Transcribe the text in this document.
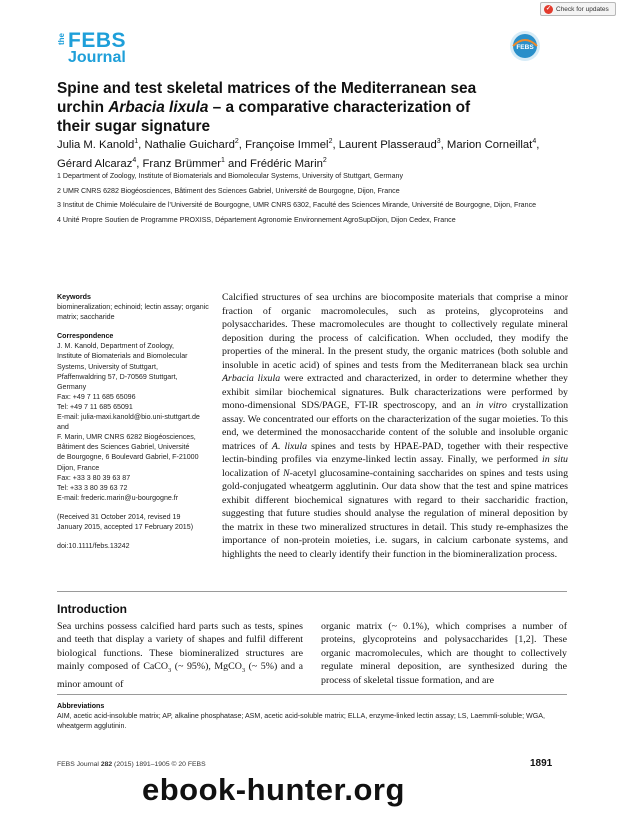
✓ Check for updates
the FEBS
Journal
FEBS
Spine and test skeletal matrices of the Mediterranean sea
urchin Arbacia lixula – a comparative characterization of
their sugar signature
Julia M. Kanold$^1$, Nathalie Guichard$^2$, Françoise Immel$^2$, Laurent Plasseraud$^3$, Marion Corneillat$^4$, Gérard Alcaraz$^4$, Franz Brümmer$^1$ and Frédéric Marin$^2$

1 Department of Zoology, Institute of Biomaterials and Biomolecular Systems, University of Stuttgart, Germany

2 UMR CNRS 6282 Biogéosciences, Bâtiment des Sciences Gabriel, Université de Bourgogne, Dijon, France

3 Institut de Chimie Moléculaire de l’Université de Bourgogne, UMR CNRS 6302, Faculté des Sciences Mirande, Université de Bourgogne, Dijon, France

4 Unité Propre Soutien de Programme PROXISS, Département Agronomie Environnement AgroSupDijon, Dijon Cedex, France

Keywords
biomineralization; echinoid; lectin assay; organic matrix; saccharide
Correspondence
J. M. Kanold, Department of Zoology,
Institute of Biomaterials and Biomolecular
Systems, University of Stuttgart,
Pfaffenwaldring 57, D-70569 Stuttgart,
Germany
Fax: +49 7 11 685 65096
Tel: +49 7 11 685 65091
E-mail: julia-maxi.kanold@bio.uni-stuttgart.de
and
F. Marin, UMR CNRS 6282 Biogéosciences,
Bâtiment des Sciences Gabriel, Université
de Bourgogne, 6 Boulevard Gabriel, F-21000
Dijon, France
Fax: +33 3 80 39 63 87
Tel: +33 3 80 39 63 72
E-mail: frederic.marin@u-bourgogne.fr
(Received 31 October 2014, revised 19
January 2015, accepted 17 February 2015)
doi:10.1111/febs.13242
Calcified structures of sea urchins are biocomposite materials that comprise a minor fraction of organic macromolecules, such as proteins, glycoproteins and polysaccharides. These macromolecules are thought to collectively regulate mineral deposition during the process of calcification. When occluded, they modify the properties of the mineral. In the present study, the organic matrices (both soluble and insoluble in acetic acid) of spines and tests from the Mediterranean black sea urchin Arbacia lixula were extracted and characterized, in order to determine whether they exhibit similar biochemical signatures. Bulk characterizations were performed by mono-dimensional SDS/PAGE, FT-IR spectroscopy, and an in vitro crystallization assay. We concentrated our efforts on the characterization of the sugar moieties. To this end, we determined the monosaccharide content of the soluble and insoluble organic matrices of A. lixula spines and tests by HPAE-PAD, together with their respective lectin-binding profiles via enzyme-linked lectin assay. Finally, we performed in situ localization of N-acetyl glucosamine-containing saccharides on spines and tests using gold-conjugated wheatgerm agglutinin. Our data show that the test and spine matrices exhibit different biochemical signatures with regard to their saccharidic fraction, suggesting that future studies should analyse the regulation of mineral deposition by the matrix in these two mineralized structures in detail. This study re-emphasizes the importance of non-protein moieties, i.e. sugars, in calcium carbonate systems, and highlights the need to clearly identify their function in the biomineralization process.
Introduction
Sea urchins possess calcified hard parts such as tests, spines and teeth that display a variety of shapes and fulfil different biological functions. These biomineralized structures are mainly composed of CaCO$_3$ (~ 95%), MgCO$_3$ (~ 5%) and a minor amount of
organic matrix (~ 0.1%), which comprises a number of proteins, glycoproteins and polysaccharides [1,2]. These organic macromolecules, which are thought to collectively regulate mineral deposition, are synthesized during the process of skeletal tissue formation, and are
Abbreviations
AIM, acetic acid-insoluble matrix; AP, alkaline phosphatase; ASM, acetic acid-soluble matrix; ELLA, enzyme-linked lectin assay; LS, Laemmli-soluble; WGA, wheatgerm agglutinin.
FEBS Journal 282 (2015) 1891–1905 © 20 FEBS	1891
ebook-hunter.org
